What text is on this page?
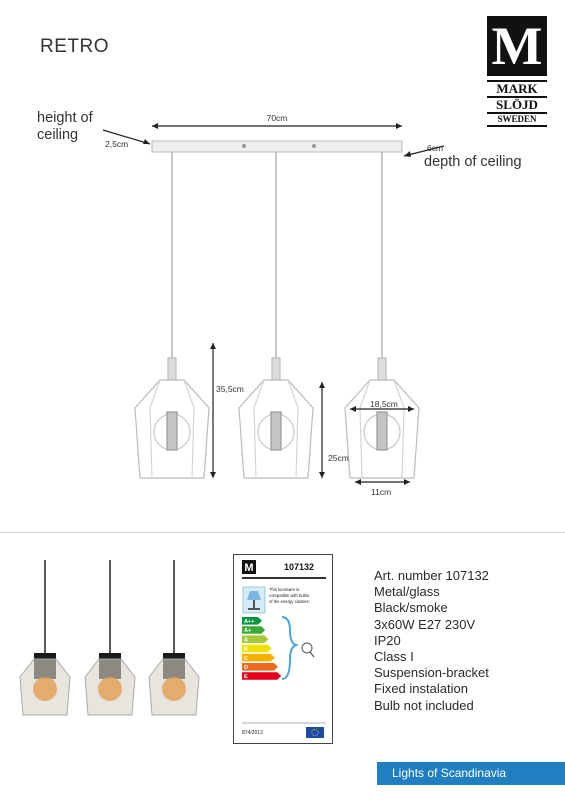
RETRO	M
MARK
SLÖJD
SWEDEN
70cm
2,5cm	6cm
35,5cm
25cm
18,5cm
11cm
height of
ceiling
depth of ceiling
M	107132
This luminaire is
compatible with bulbs
of the energy classes:
A++
A+
A
B
C
D
E
874/2012
Art. number 107132
Metal/glass
Black/smoke
3x60W E27 230V
IP20
Class I
Suspension-bracket
Fixed instalation
Bulb not included
Lights of Scandinavia
